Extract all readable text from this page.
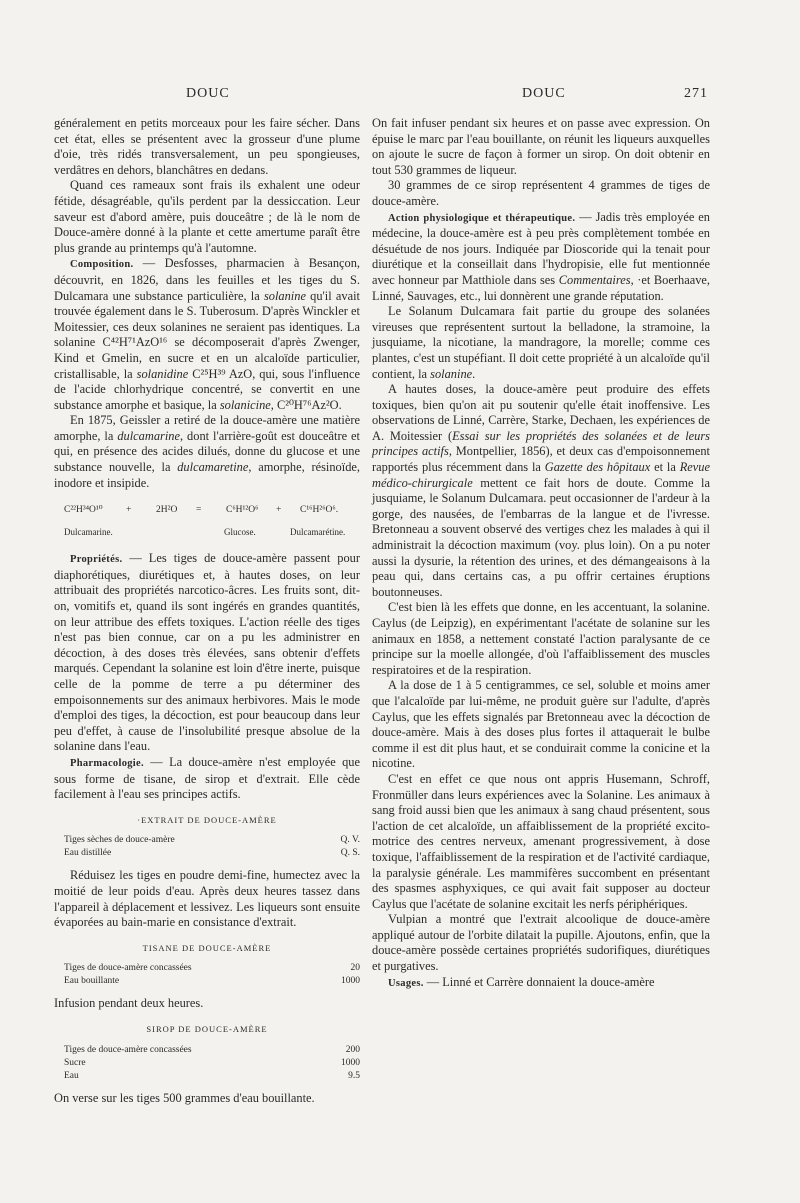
DOUC	DOUC	271

généralement en petits morceaux pour les faire sécher. Dans cet état, elles se présentent avec la grosseur d'une plume d'oie, très ridés transversalement, un peu spongieuses, verdâtres en dehors, blanchâtres en dedans.

Quand ces rameaux sont frais ils exhalent une odeur fétide, désagréable, qu'ils perdent par la dessiccation. Leur saveur est d'abord amère, puis douceâtre ; de là le nom de Douce-amère donné à la plante et cette amertume paraît être plus grande au printemps qu'à l'automne.

Composition. — Desfosses, pharmacien à Besançon, découvrit, en 1826, dans les feuilles et les tiges du S. Dulcamara une substance particulière, la solanine qu'il avait trouvée également dans le S. Tuberosum. D'après Winckler et Moitessier, ces deux solanines ne seraient pas identiques. La solanine C⁴²H⁷¹AzO¹⁶ se décomposerait d'après Zwenger, Kind et Gmelin, en sucre et en un alcaloïde particulier, cristallisable, la solanidine C²⁵H³⁹ AzO, qui, sous l'influence de l'acide chlorhydrique concentré, se convertit en une substance amorphe et basique, la solanicine, C²⁰H⁷⁶Az²O.

En 1875, Geissler a retiré de la douce-amère une matière amorphe, la dulcamarine, dont l'arrière-goût est douceâtre et qui, en présence des acides dilués, donne du glucose et une substance nouvelle, la dulcamaretine, amorphe, résinoïde, inodore et insipide.

C²²H³⁴O¹⁰ +	2H²O =	C⁶H¹²O⁶ + C¹⁶H²⁶O⁶.
Dulcamarine.	Glucose.	Dulcamarétine.

Propriétés. — Les tiges de douce-amère passent pour diaphorétiques, diurétiques et, à hautes doses, on leur attribuait des propriétés narcotico-âcres. Les fruits sont, dit-on, vomitifs et, quand ils sont ingérés en grandes quantités, on leur attribue des effets toxiques. L'action réelle des tiges n'est pas bien connue, car on a pu les administrer en décoction, à des doses très élevées, sans obtenir d'effets marqués. Cependant la solanine est loin d'être inerte, puisque celle de la pomme de terre a pu déterminer des empoisonnements sur des animaux herbivores. Mais le mode d'emploi des tiges, la décoction, est pour beaucoup dans leur peu d'effet, à cause de l'insolubilité presque absolue de la solanine dans l'eau.

Pharmacologie. — La douce-amère n'est employée que sous forme de tisane, de sirop et d'extrait. Elle cède facilement à l'eau ses principes actifs.

·EXTRAIT DE DOUCE-AMÈRE
Tiges sèches de douce-amère	Q. V.
Eau distillée	Q. S.

Réduisez les tiges en poudre demi-fine, humectez avec la moitié de leur poids d'eau. Après deux heures tassez dans l'appareil à déplacement et lessivez. Les liqueurs sont ensuite évaporées au bain-marie en consistance d'extrait.

TISANE DE DOUCE-AMÈRE
Tiges de douce-amère concassées	20
Eau bouillante	1000

Infusion pendant deux heures.

SIROP DE DOUCE-AMÈRE
Tiges de douce-amère concassées	200
Sucre	1000
Eau	9.5

On verse sur les tiges 500 grammes d'eau bouillante.

On fait infuser pendant six heures et on passe avec expression. On épuise le marc par l'eau bouillante, on réunit les liqueurs auxquelles on ajoute le sucre de façon à former un sirop. On doit obtenir en tout 530 grammes de liqueur.

30 grammes de ce sirop représentent 4 grammes de tiges de douce-amère.

Action physiologique et thérapeutique. — Jadis très employée en médecine, la douce-amère est à peu près complètement tombée en désuétude de nos jours. Indiquée par Dioscoride qui la tenait pour diurétique et la conseillait dans l'hydropisie, elle fut mentionnée avec honneur par Matthiole dans ses Commentaires, ·et Boerhaave, Linné, Sauvages, etc., lui donnèrent une grande réputation.

Le Solanum Dulcamara fait partie du groupe des solanées vireuses que représentent surtout la belladone, la stramoine, la jusquiame, la nicotiane, la mandragore, la morelle; comme ces plantes, c'est un stupéfiant. Il doit cette propriété à un alcaloïde qu'il contient, la solanine.

A hautes doses, la douce-amère peut produire des effets toxiques, bien qu'on ait pu soutenir qu'elle était inoffensive. Les observations de Linné, Carrère, Starke, Dechaen, les expériences de A. Moitessier (Essai sur les propriétés des solanées et de leurs principes actifs, Montpellier, 1856), et deux cas d'empoisonnement rapportés plus récemment dans la Gazette des hôpitaux et la Revue médico-chirurgicale mettent ce fait hors de doute. Comme la jusquiame, le Solanum Dulcamara. peut occasionner de l'ardeur à la gorge, des nausées, de l'embarras de la langue et de l'ivresse. Bretonneau a souvent observé des vertiges chez les malades à qui il administrait la décoction maximum (voy. plus loin). On a pu noter aussi la dysurie, la rétention des urines, et des démangeaisons à la peau qui, dans certains cas, a pu offrir certaines éruptions boutonneuses.

C'est bien là les effets que donne, en les accentuant, la solanine. Caylus (de Leipzig), en expérimentant l'acétate de solanine sur les animaux en 1858, a nettement constaté l'action paralysante de ce principe sur la moelle allongée, d'où l'affaiblissement des muscles respiratoires et de la respiration.

A la dose de 1 à 5 centigrammes, ce sel, soluble et moins amer que l'alcaloïde par lui-même, ne produit guère sur l'adulte, d'après Caylus, que les effets signalés par Bretonneau avec la décoction de douce-amère. Mais à des doses plus fortes il attaquerait le bulbe comme il est dit plus haut, et se conduirait comme la conicine et la nicotine.

C'est en effet ce que nous ont appris Husemann, Schroff, Fronmüller dans leurs expériences avec la Solanine. Les animaux à sang froid aussi bien que les animaux à sang chaud présentent, sous l'action de cet alcaloïde, un affaiblissement de la propriété excito-motrice des centres nerveux, amenant progressivement, à dose toxique, l'affaiblissement de la respiration et de l'activité cardiaque, la paralysie générale. Les mammifères succombent en présentant des spasmes asphyxiques, ce qui avait fait supposer au docteur Caylus que l'acétate de solanine excitait les nerfs périphériques.

Vulpian a montré que l'extrait alcoolique de douce-amère appliqué autour de l'orbite dilatait la pupille. Ajoutons, enfin, que la douce-amère possède certaines propriétés sudorifiques, diurétiques et purgatives.

Usages. — Linné et Carrère donnaient la douce-amère
